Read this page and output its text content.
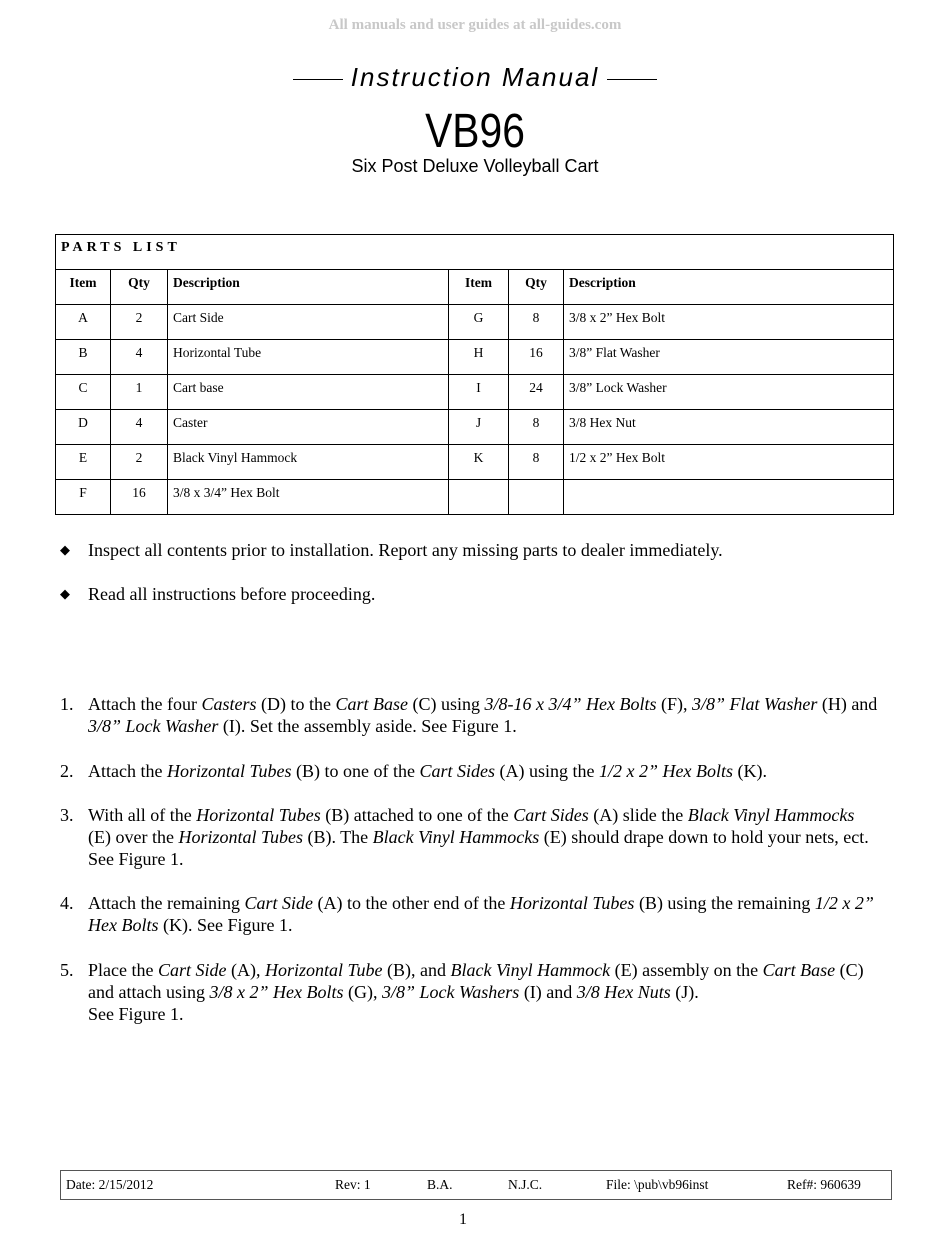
All manuals and user guides at all-guides.com
Instruction Manual
VB96
Six Post Deluxe Volleyball Cart
PARTS LIST					
Item	Qty	Description	Item	Qty	Description
A	2	Cart Side	G	8	3/8 x 2” Hex Bolt
B	4	Horizontal Tube	H	16	3/8” Flat Washer
C	1	Cart base	I	24	3/8” Lock Washer
D	4	Caster	J	8	3/8 Hex Nut
E	2	Black Vinyl Hammock	K	8	1/2 x 2” Hex Bolt
F	16	3/8 x 3/4” Hex Bolt			
◆ Inspect all contents prior to installation. Report any missing parts to dealer immediately.
◆ Read all instructions before proceeding.
1. Attach the four Casters (D) to the Cart Base (C) using 3/8-16 x 3/4” Hex Bolts (F), 3/8” Flat Washer (H) and 3/8” Lock Washer (I). Set the assembly aside. See Figure 1.
2. Attach the Horizontal Tubes (B) to one of the Cart Sides (A) using the 1/2 x 2” Hex Bolts (K).
3. With all of the Horizontal Tubes (B) attached to one of the Cart Sides (A) slide the Black Vinyl Hammocks (E) over the Horizontal Tubes (B). The Black Vinyl Hammocks (E) should drape down to hold your nets, ect. See Figure 1.
4. Attach the remaining Cart Side (A) to the other end of the Horizontal Tubes (B) using the remaining 1/2 x 2” Hex Bolts (K). See Figure 1.
5. Place the Cart Side (A), Horizontal Tube (B), and Black Vinyl Hammock (E) assembly on the Cart Base (C) and attach using 3/8 x 2” Hex Bolts (G), 3/8” Lock Washers (I) and 3/8 Hex Nuts (J).
See Figure 1.
Date: 2/15/2012	Rev: 1	B.A.	N.J.C.	File: \pub\vb96inst	Ref#: 960639
1
